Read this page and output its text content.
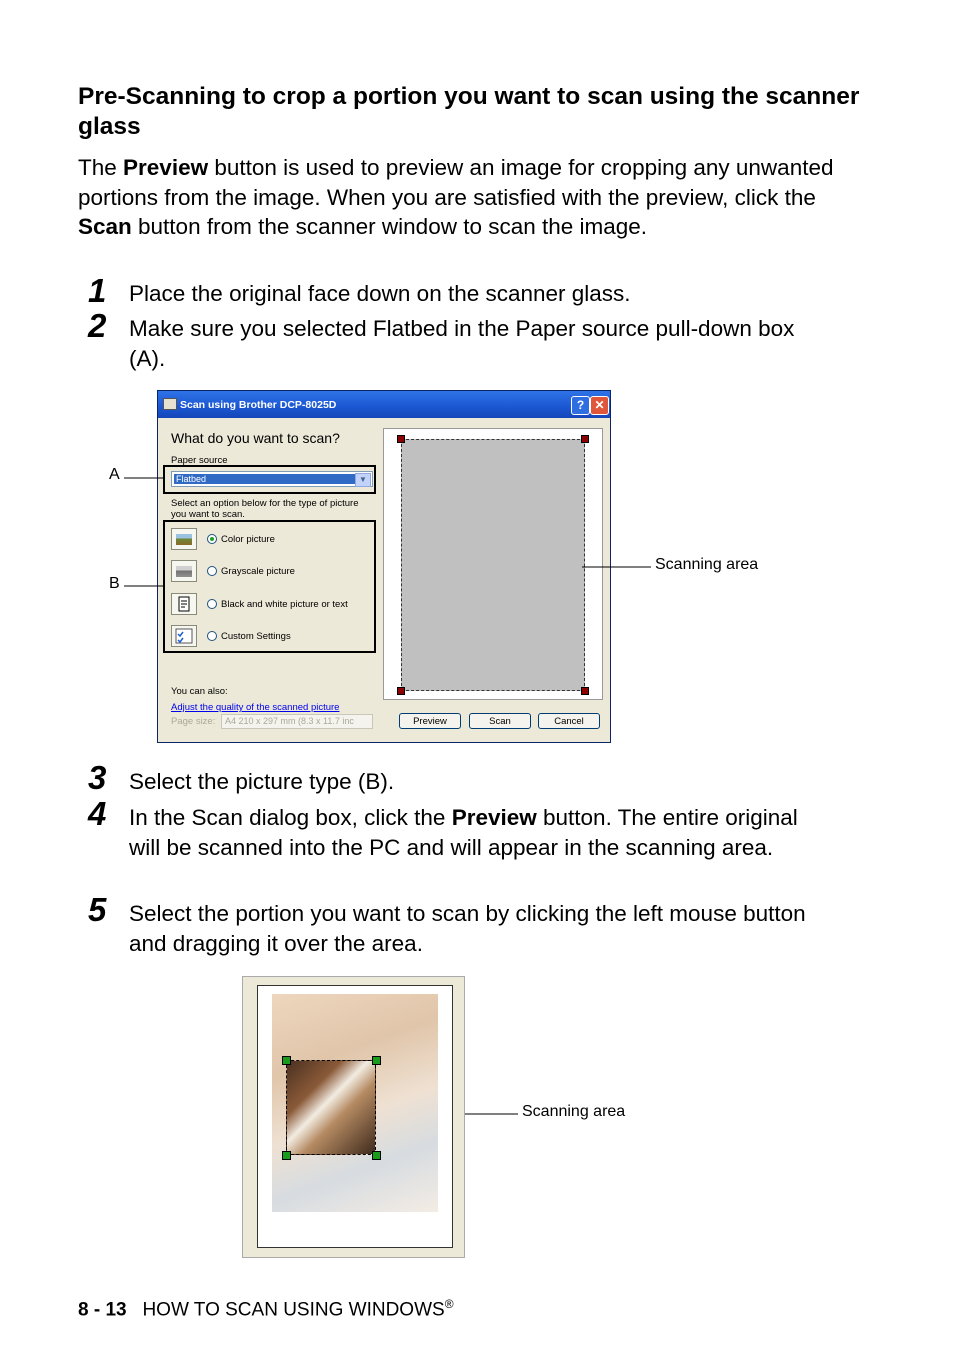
Pre-Scanning to crop a portion you want to scan using the scanner glass
The Preview button is used to preview an image for cropping any unwanted portions from the image. When you are satisfied with the preview, click the Scan button from the scanner window to scan the image.
1 Place the original face down on the scanner glass.
2 Make sure you selected Flatbed in the Paper source pull-down box (A).
Scan using Brother DCP-8025D	? ✕
What do you want to scan?
Paper source
Flatbed	▼
Select an option below for the type of picture you want to scan.
Color picture
Grayscale picture
Black and white picture or text
Custom Settings
You can also:
Adjust the quality of the scanned picture
Page size:	A4 210 x 297 mm (8.3 x 11.7 inc	Preview	Scan	Cancel
A
B
Scanning area
3 Select the picture type (B).
4 In the Scan dialog box, click the Preview button. The entire original will be scanned into the PC and will appear in the scanning area.
5 Select the portion you want to scan by clicking the left mouse button and dragging it over the area.
Scanning area
8 - 13 HOW TO SCAN USING WINDOWS®
